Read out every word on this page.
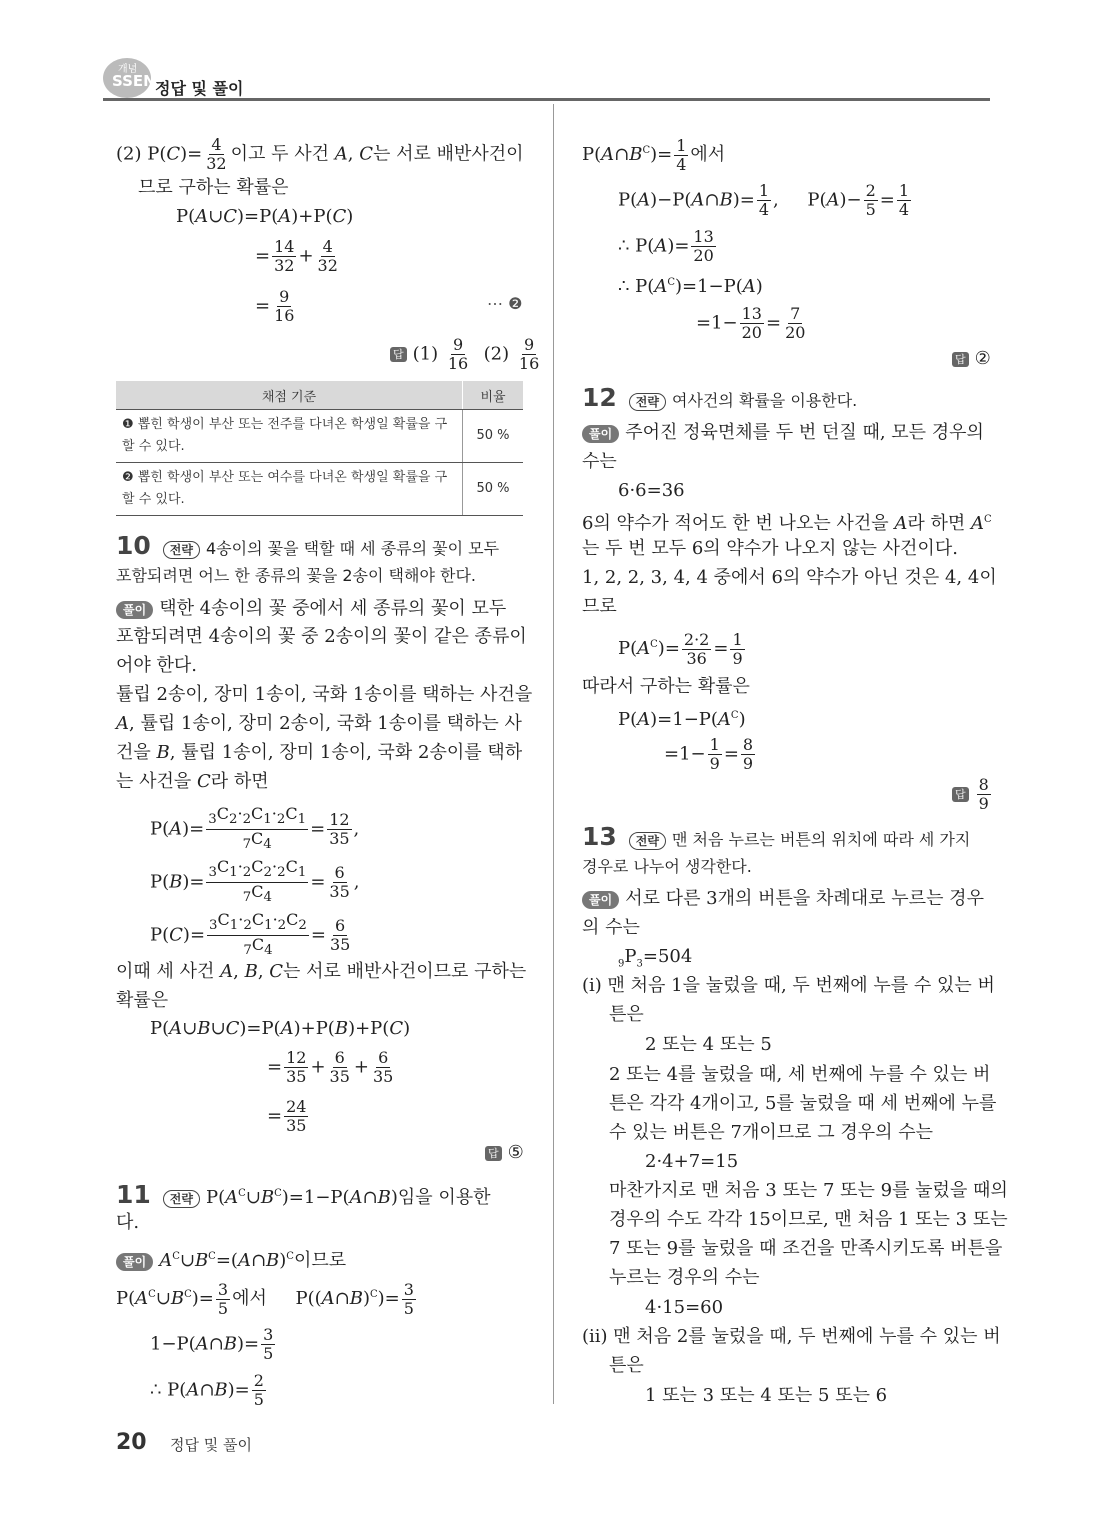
개념
SSEN 정답 및 풀이
(2) $P(C)= \frac{4}{32}$ 이고 두 사건 A, C는 서로 배반사건이
므로 구하는 확률은
P(A∪C)=P(A)+P(C)
= $\frac{14}{32} + \frac{4}{32}$
= $\frac{9}{16}$	⋯ ❷
답 $(1) \frac{9}{16} (2) \frac{9}{16}$
채점 기준	비율
❶ 뽑힌 학생이 부산 또는 전주를 다녀온 학생일 확률을 구할 수 있다.	50 %
❷ 뽑힌 학생이 부산 또는 여수를 다녀온 학생일 확률을 구할 수 있다.	50 %
10 전략 4송이의 꽃을 택할 때 세 종류의 꽃이 모두
포함되려면 어느 한 종류의 꽃을 2송이 택해야 한다.
풀이 택한 4송이의 꽃 중에서 세 종류의 꽃이 모두
포함되려면 4송이의 꽃 중 2송이의 꽃이 같은 종류이
어야 한다.
튤립 2송이, 장미 1송이, 국화 1송이를 택하는 사건을
A, 튤립 1송이, 장미 2송이, 국화 1송이를 택하는 사
건을 B, 튤립 1송이, 장미 1송이, 국화 2송이를 택하
는 사건을 C라 하면
$P(A)= \frac{_3C_2\cdot_2C_1\cdot_2C_1}{_7C_4} = \frac{12}{35}$ ,
$P(B)= \frac{_3C_1\cdot_2C_2\cdot_2C_1}{_7C_4} = \frac{6}{35}$ ,
$P(C)= \frac{_3C_1\cdot_2C_1\cdot_2C_2}{_7C_4} = \frac{6}{35}$
이때 세 사건 A, B, C는 서로 배반사건이므로 구하는
확률은
P(A∪B∪C)=P(A)+P(B)+P(C)
= $\frac{12}{35} + \frac{6}{35} + \frac{6}{35}$
= $\frac{24}{35}$
답 ⑤
11 전략 $P(A^C\cup B^C)=1-P(A\cap B)$임을 이용한
다.
풀이 $A^C\cup B^C=(A\cap B)^C$이므로
$P(A^C\cup B^C)= \frac{3}{5}$ 에서     P((A∩B)$^C$)= $\frac{3}{5}$
1−P(A∩B)= $\frac{3}{5}$
∴ P(A∩B)= $\frac{2}{5}$
20 정답 및 풀이
$P(A\cap B^C)= \frac{1}{4}$ 에서
P(A)−P(A∩B)= $\frac{1}{4}$ ,     $P(A)- \frac{2}{5} = \frac{1}{4}$
∴ $P(A)= \frac{13}{20}$
∴ $P(A^C)=1-P(A)$
$=1- \frac{13}{20} = \frac{7}{20}$
답 ②
12 전략 여사건의 확률을 이용한다.
풀이 주어진 정육면체를 두 번 던질 때, 모든 경우의
수는
6·6=36
6의 약수가 적어도 한 번 나오는 사건을 A라 하면 $A^C$
는 두 번 모두 6의 약수가 나오지 않는 사건이다.
1, 2, 2, 3, 4, 4 중에서 6의 약수가 아닌 것은 4, 4이
므로
$P(A^C)= \frac{2\cdot 2}{36} = \frac{1}{9}$
따라서 구하는 확률은
$P(A)=1-P(A^C)$
$=1- \frac{1}{9} = \frac{8}{9}$
답 $\frac{8}{9}$
13 전략 맨 처음 누르는 버튼의 위치에 따라 세 가지
경우로 나누어 생각한다.
풀이 서로 다른 3개의 버튼을 차례대로 누르는 경우
의 수는
$_9P_3=504$
(ⅰ) 맨 처음 1을 눌렀을 때, 두 번째에 누를 수 있는 버
튼은
2 또는 4 또는 5
2 또는 4를 눌렀을 때, 세 번째에 누를 수 있는 버
튼은 각각 4개이고, 5를 눌렀을 때 세 번째에 누를
수 있는 버튼은 7개이므로 그 경우의 수는
2·4+7=15
마찬가지로 맨 처음 3 또는 7 또는 9를 눌렀을 때의
경우의 수도 각각 15이므로, 맨 처음 1 또는 3 또는
7 또는 9를 눌렀을 때 조건을 만족시키도록 버튼을
누르는 경우의 수는
4·15=60
(ⅱ) 맨 처음 2를 눌렀을 때, 두 번째에 누를 수 있는 버
튼은
1 또는 3 또는 4 또는 5 또는 6
